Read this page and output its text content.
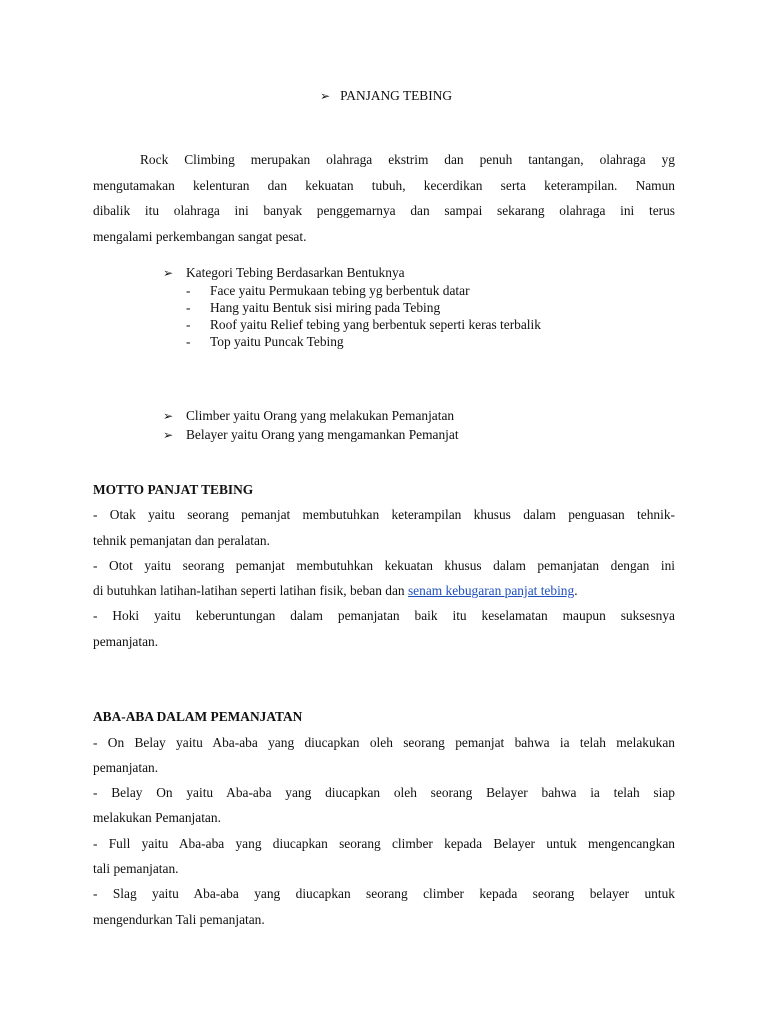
➢ PANJANG TEBING
Rock Climbing merupakan olahraga ekstrim dan penuh tantangan, olahraga yg
mengutamakan kelenturan dan kekuatan tubuh, kecerdikan serta keterampilan. Namun
dibalik itu olahraga ini banyak penggemarnya dan sampai sekarang olahraga ini terus
mengalami perkembangan sangat pesat.
➢ Kategori Tebing Berdasarkan Bentuknya
- Face yaitu Permukaan tebing yg berbentuk datar
- Hang yaitu Bentuk sisi miring pada Tebing
- Roof yaitu Relief tebing yang berbentuk seperti keras terbalik
- Top yaitu Puncak Tebing
➢ Climber yaitu Orang yang melakukan Pemanjatan
➢ Belayer yaitu Orang yang mengamankan Pemanjat
MOTTO PANJAT TEBING
- Otak yaitu seorang pemanjat membutuhkan keterampilan khusus dalam penguasan tehnik-
tehnik pemanjatan dan peralatan.
- Otot yaitu seorang pemanjat membutuhkan kekuatan khusus dalam pemanjatan dengan ini
di butuhkan latihan-latihan seperti latihan fisik, beban dan senam kebugaran panjat tebing.
- Hoki yaitu keberuntungan dalam pemanjatan baik itu keselamatan maupun suksesnya
pemanjatan.
ABA-ABA DALAM PEMANJATAN
- On Belay yaitu Aba-aba yang diucapkan oleh seorang pemanjat bahwa ia telah melakukan
pemanjatan.
- Belay On yaitu Aba-aba yang diucapkan oleh seorang Belayer bahwa ia telah siap
melakukan Pemanjatan.
- Full yaitu Aba-aba yang diucapkan seorang climber kepada Belayer untuk mengencangkan
tali pemanjatan.
- Slag yaitu Aba-aba yang diucapkan seorang climber kepada seorang belayer untuk
mengendurkan Tali pemanjatan.
